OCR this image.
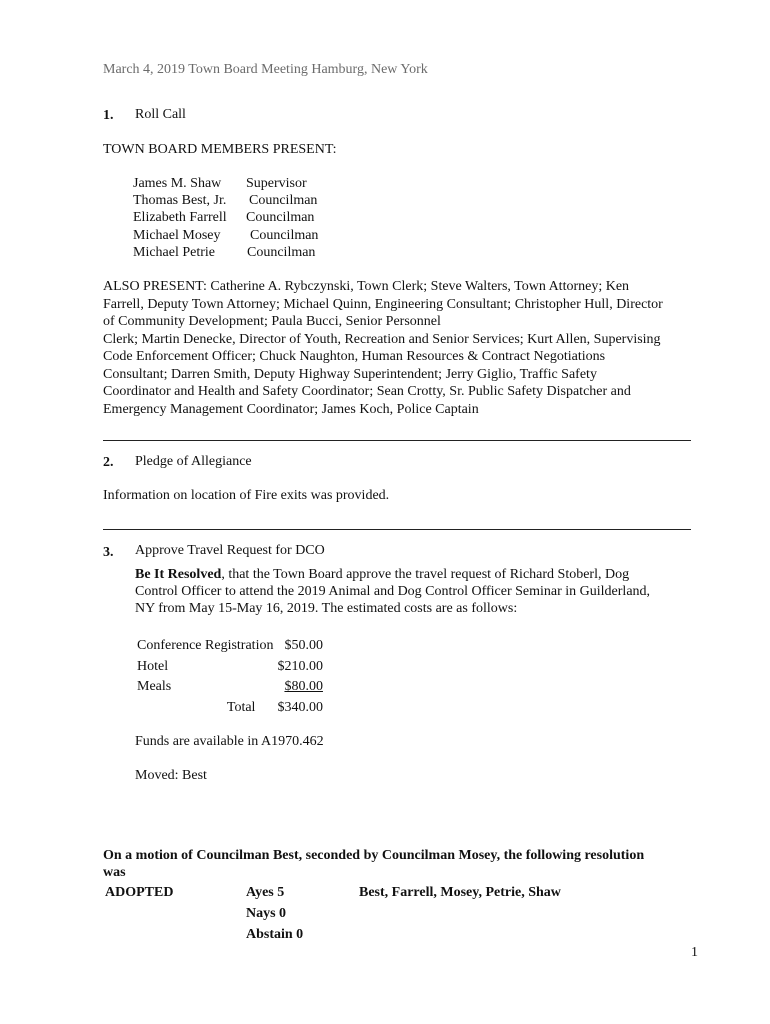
March 4, 2019 Town Board Meeting Hamburg, New York
1. Roll Call
TOWN BOARD MEMBERS PRESENT:
James M. Shaw	Supervisor
Thomas Best, Jr.	Councilman
Elizabeth Farrell	Councilman
Michael Mosey	Councilman
Michael Petrie	Councilman
ALSO PRESENT: Catherine A. Rybczynski, Town Clerk; Steve Walters, Town Attorney; Ken
Farrell, Deputy Town Attorney; Michael Quinn, Engineering Consultant; Christopher Hull, Director
of Community Development; Paula Bucci, Senior Personnel
Clerk; Martin Denecke, Director of Youth, Recreation and Senior Services; Kurt Allen, Supervising
Code Enforcement Officer; Chuck Naughton, Human Resources & Contract Negotiations
Consultant; Darren Smith, Deputy Highway Superintendent; Jerry Giglio, Traffic Safety
Coordinator and Health and Safety Coordinator; Sean Crotty, Sr. Public Safety Dispatcher and
Emergency Management Coordinator; James Koch, Police Captain
2. Pledge of Allegiance
Information on location of Fire exits was provided.
3. Approve Travel Request for DCO
Be It Resolved, that the Town Board approve the travel request of Richard Stoberl, Dog
Control Officer to attend the 2019 Animal and Dog Control Officer Seminar in Guilderland,
NY from May 15-May 16, 2019. The estimated costs are as follows:
Conference Registration	$50.00
Hotel	$210.00
Meals	$80.00
Total	$340.00
Funds are available in A1970.462
Moved: Best
On a motion of Councilman Best, seconded by Councilman Mosey, the following resolution
was
ADOPTED	Ayes 5	Best, Farrell, Mosey, Petrie, Shaw
Nays 0
Abstain 0
1
